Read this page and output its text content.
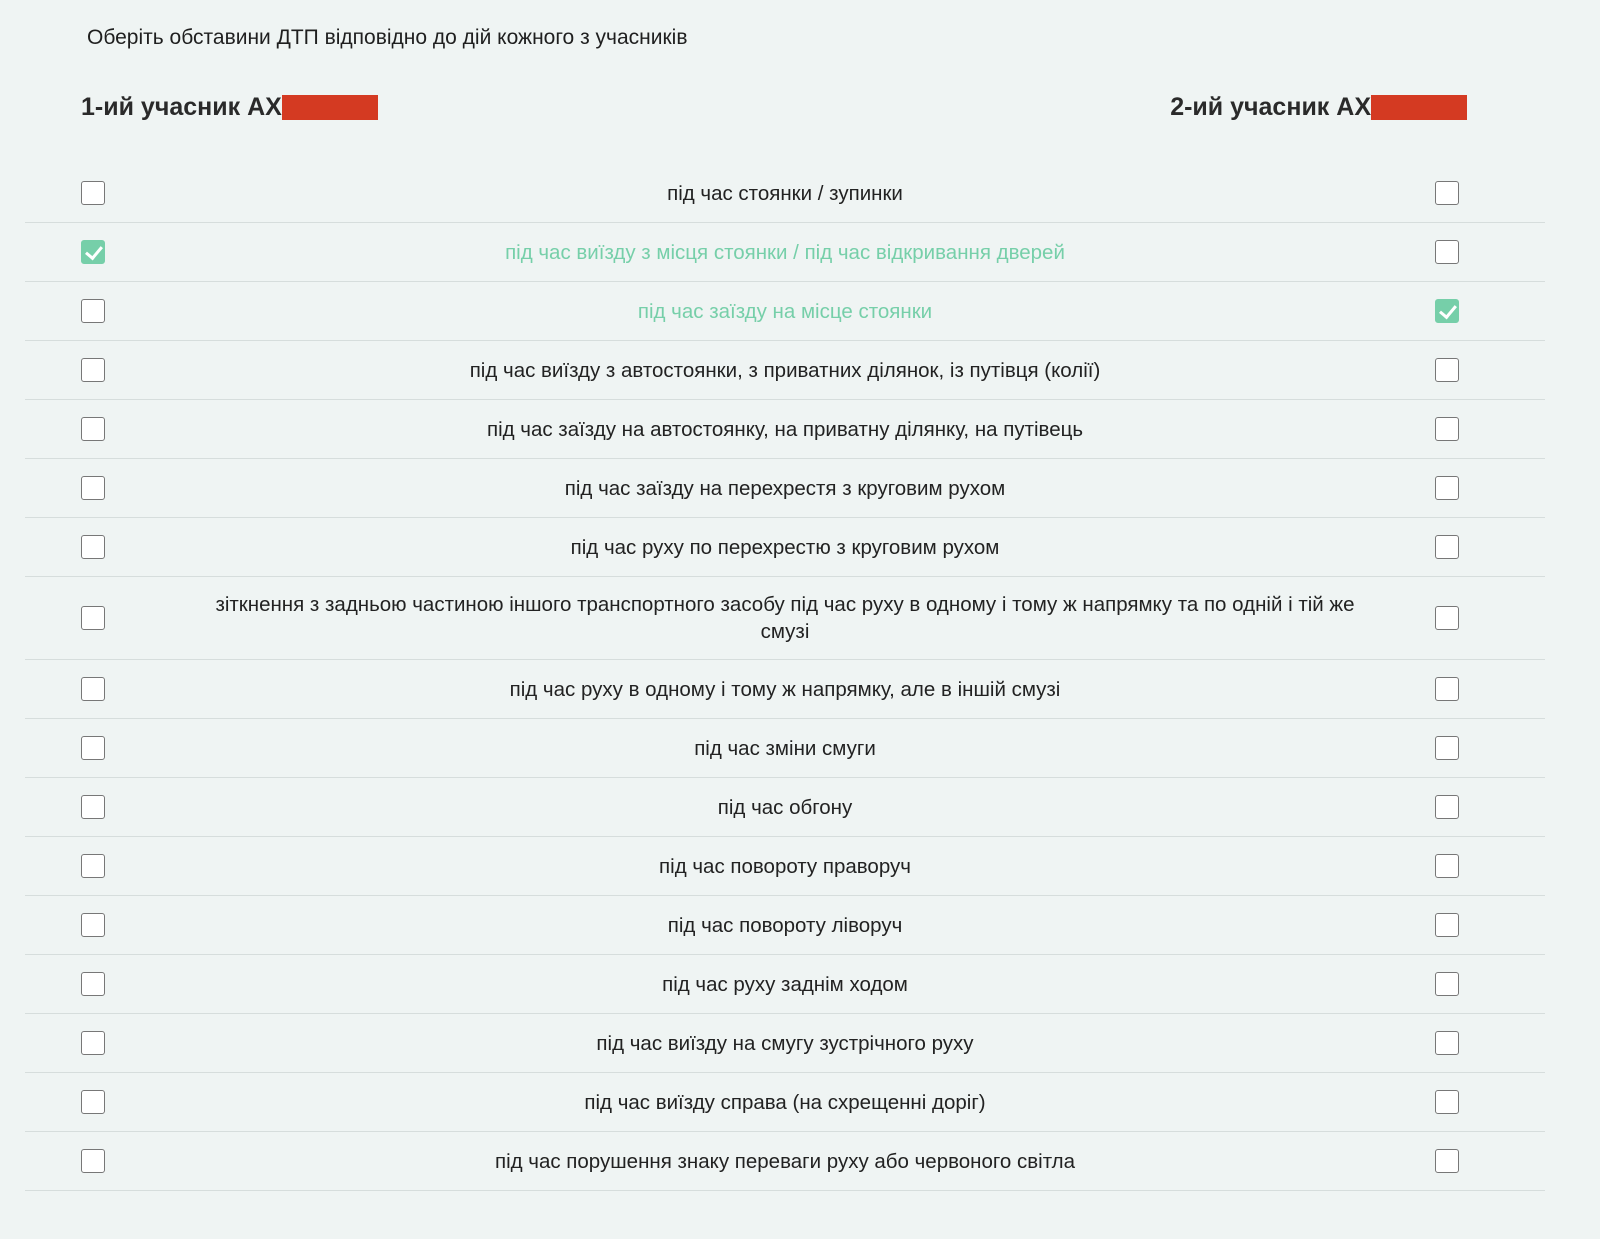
Оберіть обставини ДТП відповідно до дій кожного з учасників
1-ий учасник AX	2-ий учасник AX
під час стоянки / зупинки
під час виїзду з місця стоянки / під час відкривання дверей
під час заїзду на місце стоянки
під час виїзду з автостоянки, з приватних ділянок, із путівця (колії)
під час заїзду на автостоянку, на приватну ділянку, на путівець
під час заїзду на перехрестя з круговим рухом
під час руху по перехрестю з круговим рухом
зіткнення з задньою частиною іншого транспортного засобу під час руху в одному і тому ж напрямку та по одній і тій же смузі
під час руху в одному і тому ж напрямку, але в іншій смузі
під час зміни смуги
під час обгону
під час повороту праворуч
під час повороту ліворуч
під час руху заднім ходом
під час виїзду на смугу зустрічного руху
під час виїзду справа (на схрещенні доріг)
під час порушення знаку переваги руху або червоного світла
